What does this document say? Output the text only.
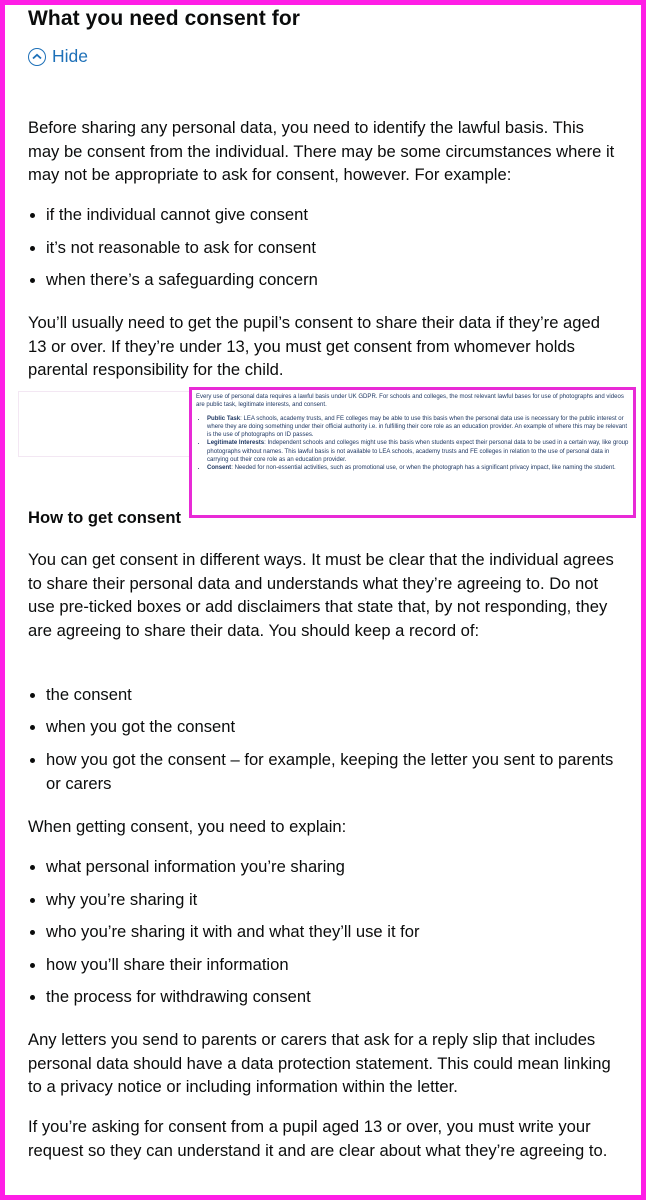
What you need consent for
Hide

Before sharing any personal data, you need to identify the lawful basis. This may be consent from the individual. There may be some circumstances where it may not be appropriate to ask for consent, however. For example:

if the individual cannot give consent
it’s not reasonable to ask for consent
when there’s a safeguarding concern

You’ll usually need to get the pupil’s consent to share their data if they’re aged 13 or over. If they’re under 13, you must get consent from whomever holds parental responsibility for the child.

Every use of personal data requires a lawful basis under UK GDPR. For schools and colleges, the most relevant lawful bases for use of photographs and videos are public task, legitimate interests, and consent.

• Public Task: LEA schools, academy trusts, and FE colleges may be able to use this basis when the personal data use is necessary for the public interest or where they are doing something under their official authority i.e. in fulfilling their core role as an education provider. An example of where this may be relevant is the use of photographs on ID passes.
• Legitimate Interests: Independent schools and colleges might use this basis when students expect their personal data to be used in a certain way, like group photographs without names. This lawful basis is not available to LEA schools, academy trusts and FE colleges in relation to the use of personal data in carrying out their core role as an education provider.
• Consent: Needed for non-essential activities, such as promotional use, or when the photograph has a significant privacy impact, like naming the student.
How to get consent

You can get consent in different ways. It must be clear that the individual agrees to share their personal data and understands what they’re agreeing to. Do not use pre-ticked boxes or add disclaimers that state that, by not responding, they are agreeing to share their data. You should keep a record of:

the consent
when you got the consent
how you got the consent – for example, keeping the letter you sent to parents or carers

When getting consent, you need to explain:

what personal information you’re sharing
why you’re sharing it
who you’re sharing it with and what they’ll use it for
how you’ll share their information
the process for withdrawing consent

Any letters you send to parents or carers that ask for a reply slip that includes personal data should have a data protection statement. This could mean linking to a privacy notice or including information within the letter.

If you’re asking for consent from a pupil aged 13 or over, you must write your request so they can understand it and are clear about what they’re agreeing to.
